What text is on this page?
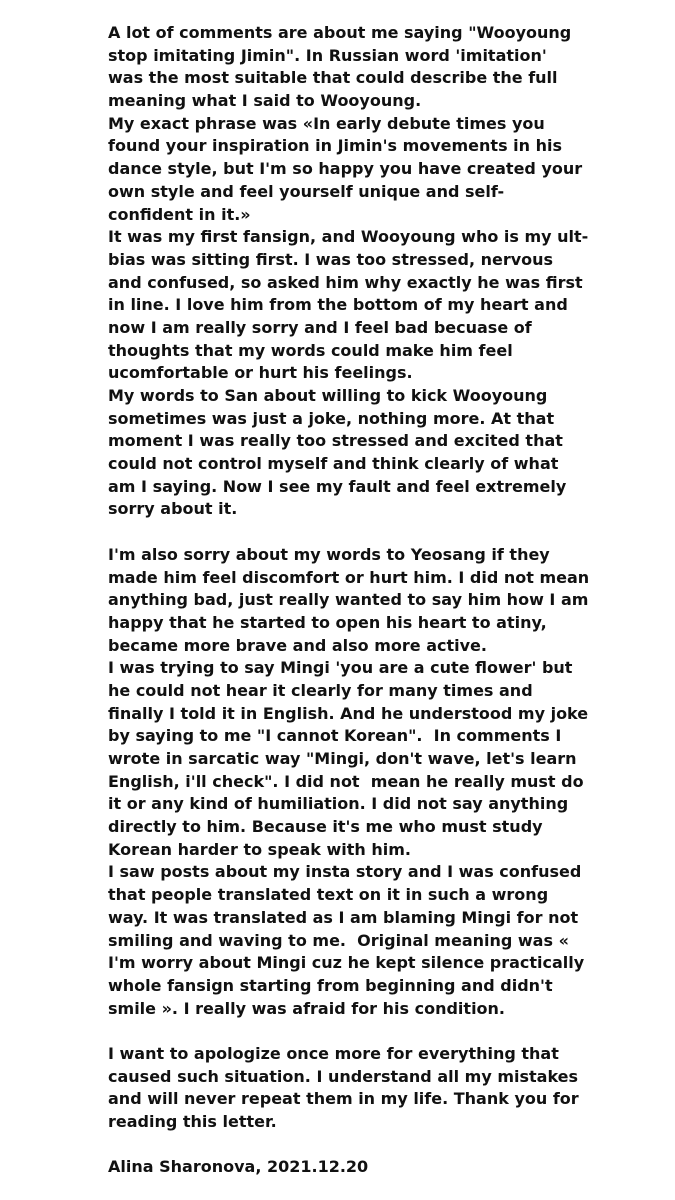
A lot of comments are about me saying "Wooyoung
stop imitating Jimin". In Russian word 'imitation'
was the most suitable that could describe the full
meaning what I said to Wooyoung.
My exact phrase was «In early debute times you
found your inspiration in Jimin's movements in his
dance style, but I'm so happy you have created your
own style and feel yourself unique and self-
confident in it.»
It was my first fansign, and Wooyoung who is my ult-
bias was sitting first. I was too stressed, nervous
and confused, so asked him why exactly he was first
in line. I love him from the bottom of my heart and
now I am really sorry and I feel bad becuase of
thoughts that my words could make him feel
ucomfortable or hurt his feelings.
My words to San about willing to kick Wooyoung
sometimes was just a joke, nothing more. At that
moment I was really too stressed and excited that
could not control myself and think clearly of what
am I saying. Now I see my fault and feel extremely
sorry about it.
I'm also sorry about my words to Yeosang if they
made him feel discomfort or hurt him. I did not mean
anything bad, just really wanted to say him how I am
happy that he started to open his heart to atiny,
became more brave and also more active.
I was trying to say Mingi 'you are a cute flower' but
he could not hear it clearly for many times and
finally I told it in English. And he understood my joke
by saying to me "I cannot Korean".  In comments I
wrote in sarcatic way "Mingi, don't wave, let's learn
English, i'll check". I did not  mean he really must do
it or any kind of humiliation. I did not say anything
directly to him. Because it's me who must study
Korean harder to speak with him.
I saw posts about my insta story and I was confused
that people translated text on it in such a wrong
way. It was translated as I am blaming Mingi for not
smiling and waving to me.  Original meaning was «
I'm worry about Mingi cuz he kept silence practically
whole fansign starting from beginning and didn't
smile ». I really was afraid for his condition.
I want to apologize once more for everything that
caused such situation. I understand all my mistakes
and will never repeat them in my life. Thank you for
reading this letter.
Alina Sharonova, 2021.12.20
